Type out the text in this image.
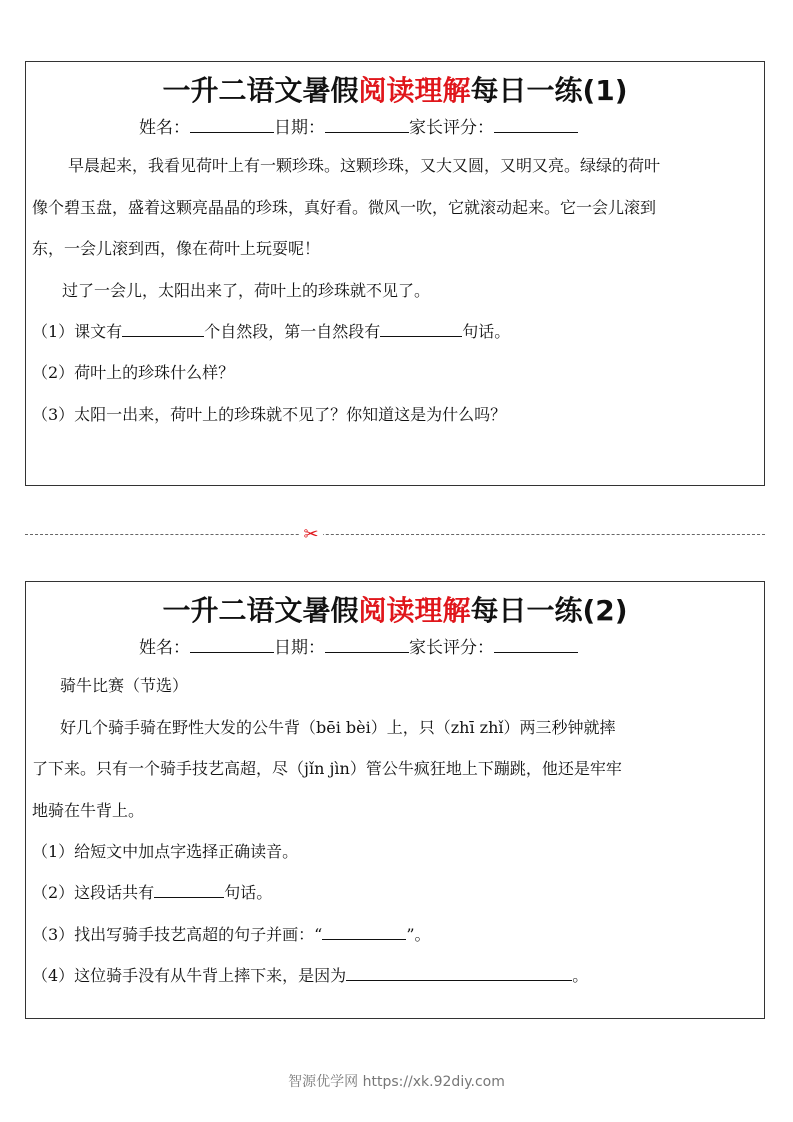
一升二语文暑假阅读理解每日一练(1)
姓名：	日期：	家长评分：
早晨起来，我看见荷叶上有一颗珍珠。这颗珍珠，又大又圆，又明又亮。绿绿的荷叶
像个碧玉盘，盛着这颗亮晶晶的珍珠，真好看。微风一吹，它就滚动起来。它一会儿滚到
东，一会儿滚到西，像在荷叶上玩耍呢！
过了一会儿，太阳出来了，荷叶上的珍珠就不见了。
（1）课文有	个自然段，第一自然段有	句话。
（2）荷叶上的珍珠什么样？
（3）太阳一出来，荷叶上的珍珠就不见了？你知道这是为什么吗？
✂
一升二语文暑假阅读理解每日一练(2)
姓名：	日期：	家长评分：
骑牛比赛（节选）
好几个骑手骑在野性大发的公牛背（bēi bèi）上，只（zhī zhǐ）两三秒钟就摔
了下来。只有一个骑手技艺高超，尽（jǐn jìn）管公牛疯狂地上下蹦跳，他还是牢牢
地骑在牛背上。
（1）给短文中加点字选择正确读音。
（2）这段话共有	句话。
（3）找出写骑手技艺高超的句子并画：“	”。
（4）这位骑手没有从牛背上摔下来，是因为	。
智源优学网 https://xk.92diy.com
